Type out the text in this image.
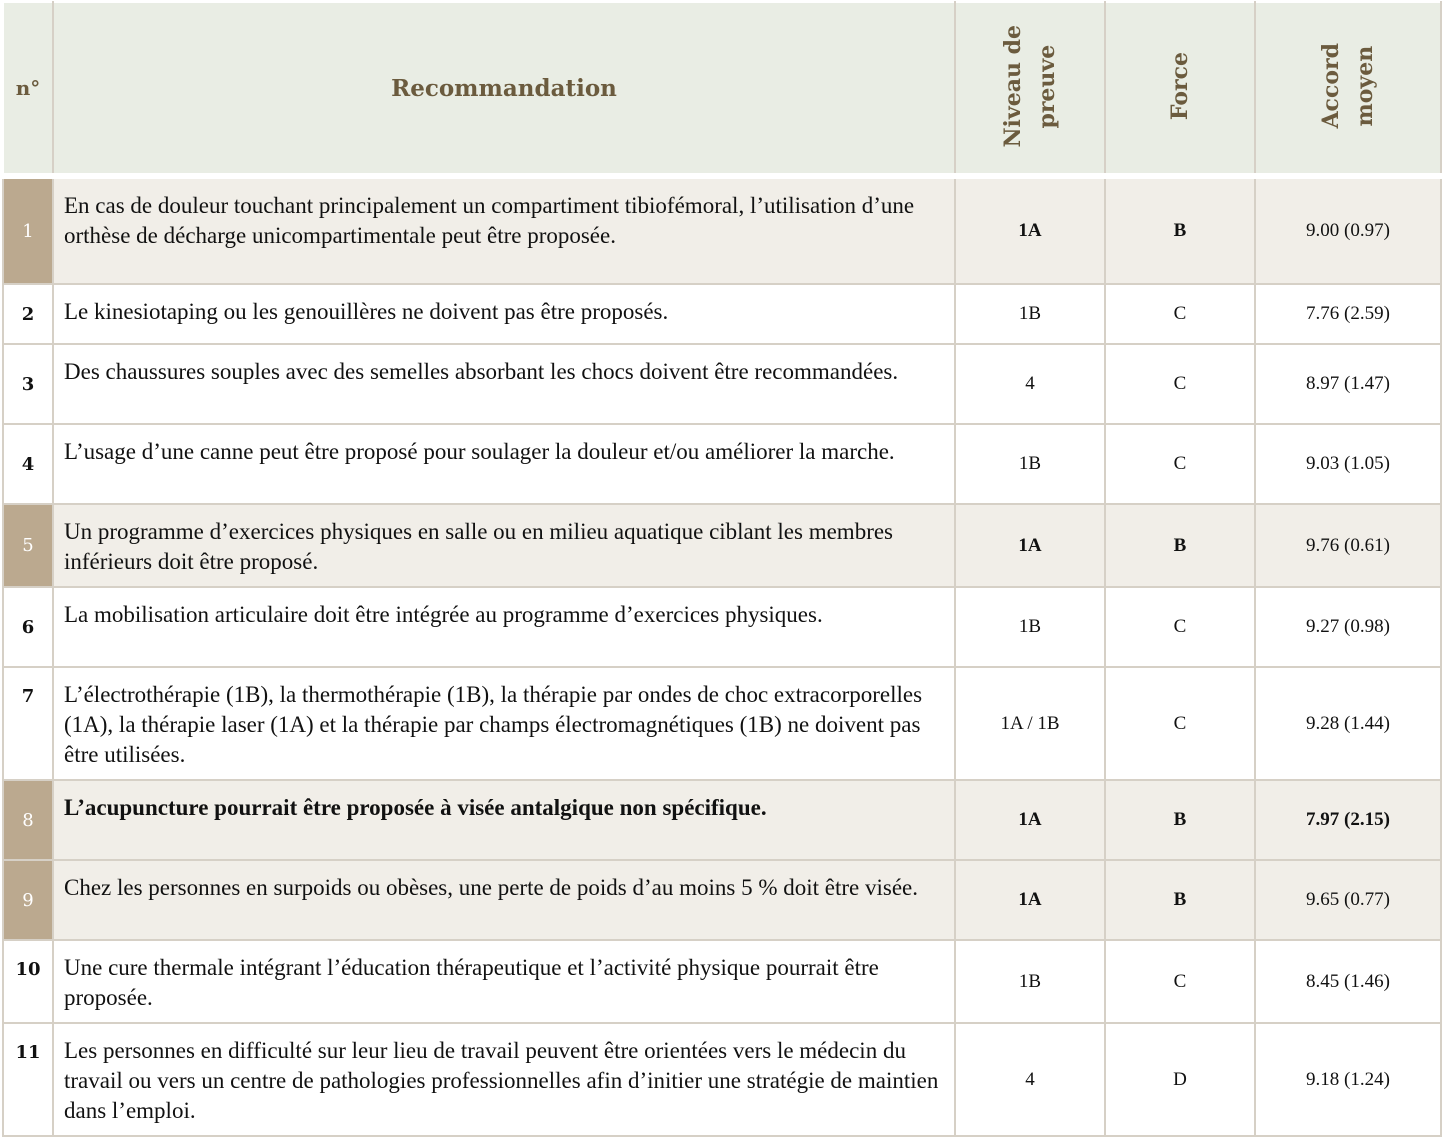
n°	Recommandation	Niveau de preuve	Force	Accord moyen
1	En cas de douleur touchant principalement un compartiment tibiofémoral, l’utilisation d’une orthèse de décharge unicompartimentale peut être proposée.	1A	B	9.00 (0.97)
2	Le kinesiotaping ou les genouillères ne doivent pas être proposés.	1B	C	7.76 (2.59)
3	Des chaussures souples avec des semelles absorbant les chocs doivent être recommandées.	4	C	8.97 (1.47)
4	L’usage d’une canne peut être proposé pour soulager la douleur et/ou améliorer la marche.	1B	C	9.03 (1.05)
5	Un programme d’exercices physiques en salle ou en milieu aquatique ciblant les membres inférieurs doit être proposé.	1A	B	9.76 (0.61)
6	La mobilisation articulaire doit être intégrée au programme d’exercices physiques.	1B	C	9.27 (0.98)
7	L’électrothérapie (1B), la thermothérapie (1B), la thérapie par ondes de choc extracorporelles (1A), la thérapie laser (1A) et la thérapie par champs électromagnétiques (1B) ne doivent pas être utilisées.	1A / 1B	C	9.28 (1.44)
8	L’acupuncture pourrait être proposée à visée antalgique non spécifique.	1A	B	7.97 (2.15)
9	Chez les personnes en surpoids ou obèses, une perte de poids d’au moins 5 % doit être visée.	1A	B	9.65 (0.77)
10	Une cure thermale intégrant l’éducation thérapeutique et l’activité physique pourrait être proposée.	1B	C	8.45 (1.46)
11	Les personnes en difficulté sur leur lieu de travail peuvent être orientées vers le médecin du travail ou vers un centre de pathologies professionnelles afin d’initier une stratégie de maintien dans l’emploi.	4	D	9.18 (1.24)
